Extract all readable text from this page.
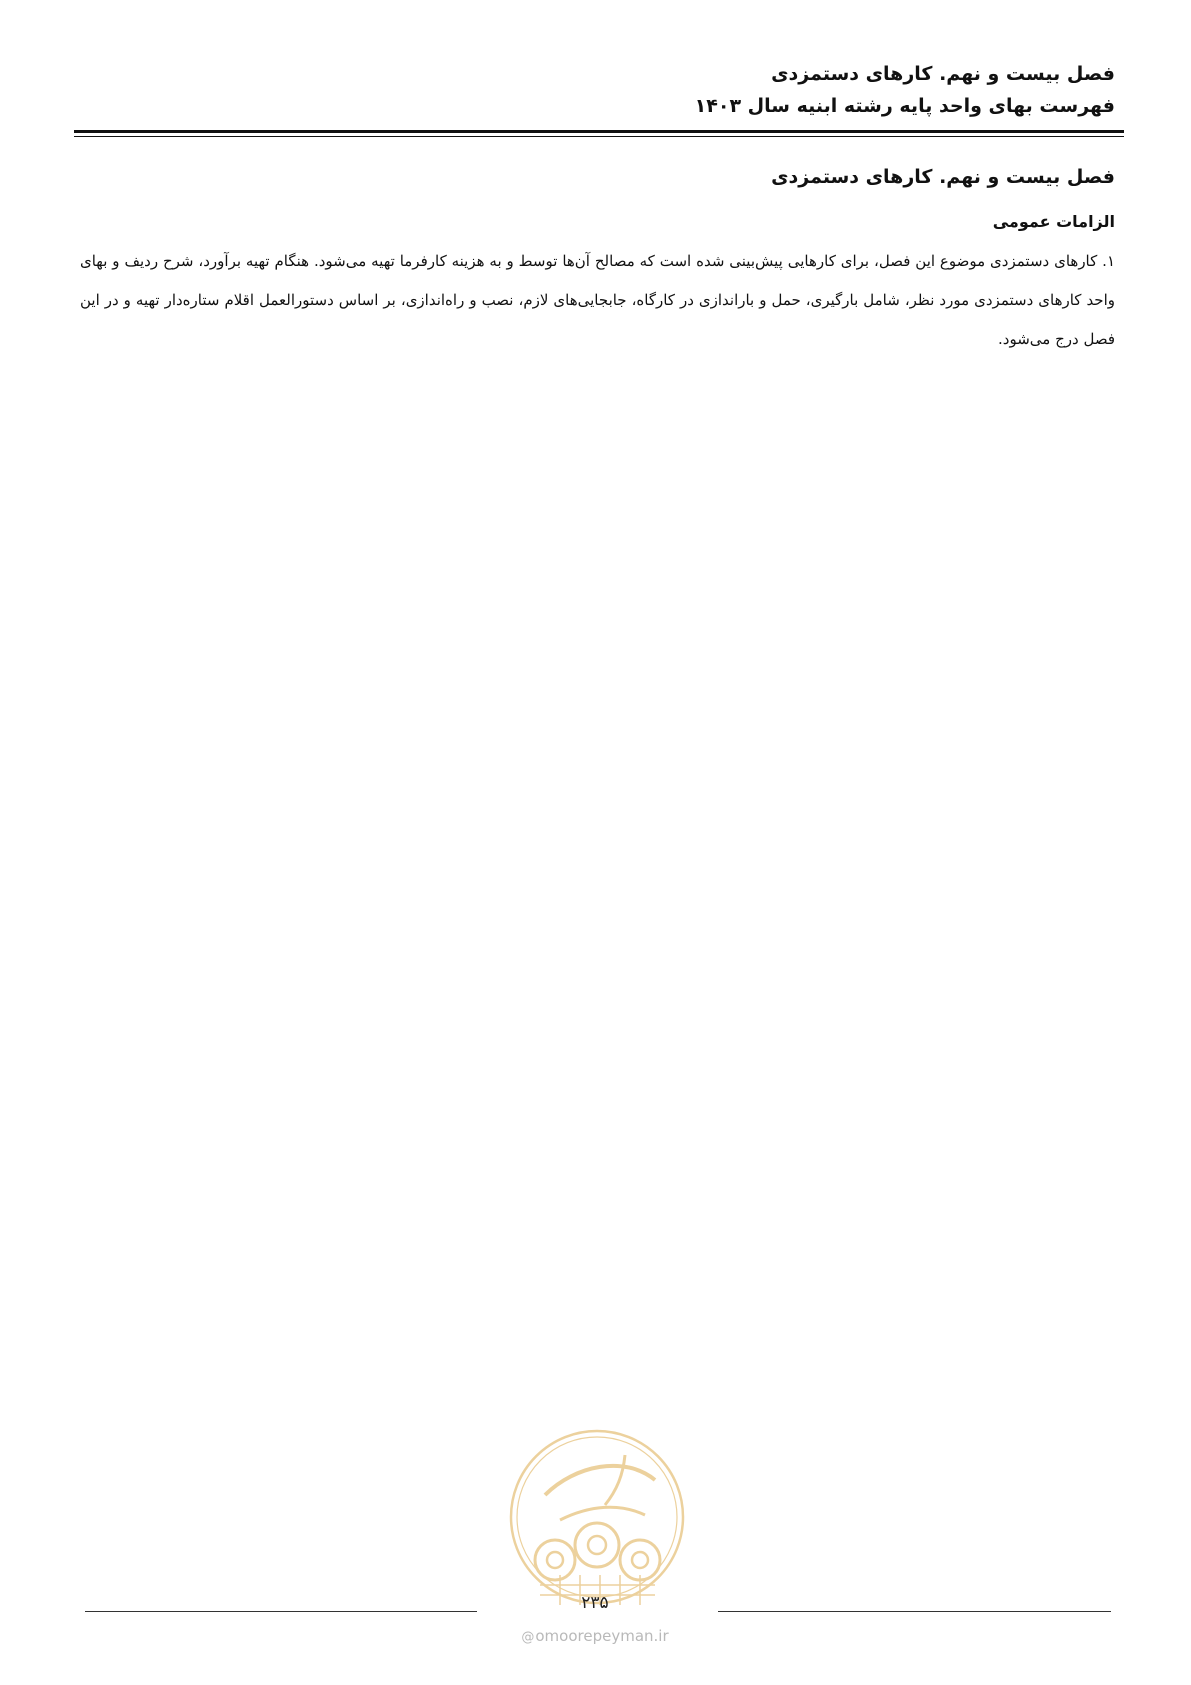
فصل بیست و نهم. کارهای دستمزدی
فهرست بهای واحد پایه رشته ابنیه سال ۱۴۰۳
فصل بیست و نهم. کارهای دستمزدی
الزامات عمومی

۱. کارهای دستمزدی موضوع این فصل، برای کارهایی پیش‌بینی شده است که مصالح آن‌ها توسط و به هزینه کارفرما تهیه می‌شود. هنگام تهیه برآورد، شرح ردیف و بهای واحد کارهای دستمزدی مورد نظر، شامل بارگیری، حمل و باراندازی در کارگاه، جابجایی‌های لازم، نصب و راه‌اندازی، بر اساس دستورالعمل اقلام ستاره‌دار تهیه و در این فصل درج می‌شود.

۲۳۵
@omoorepeyman.ir
